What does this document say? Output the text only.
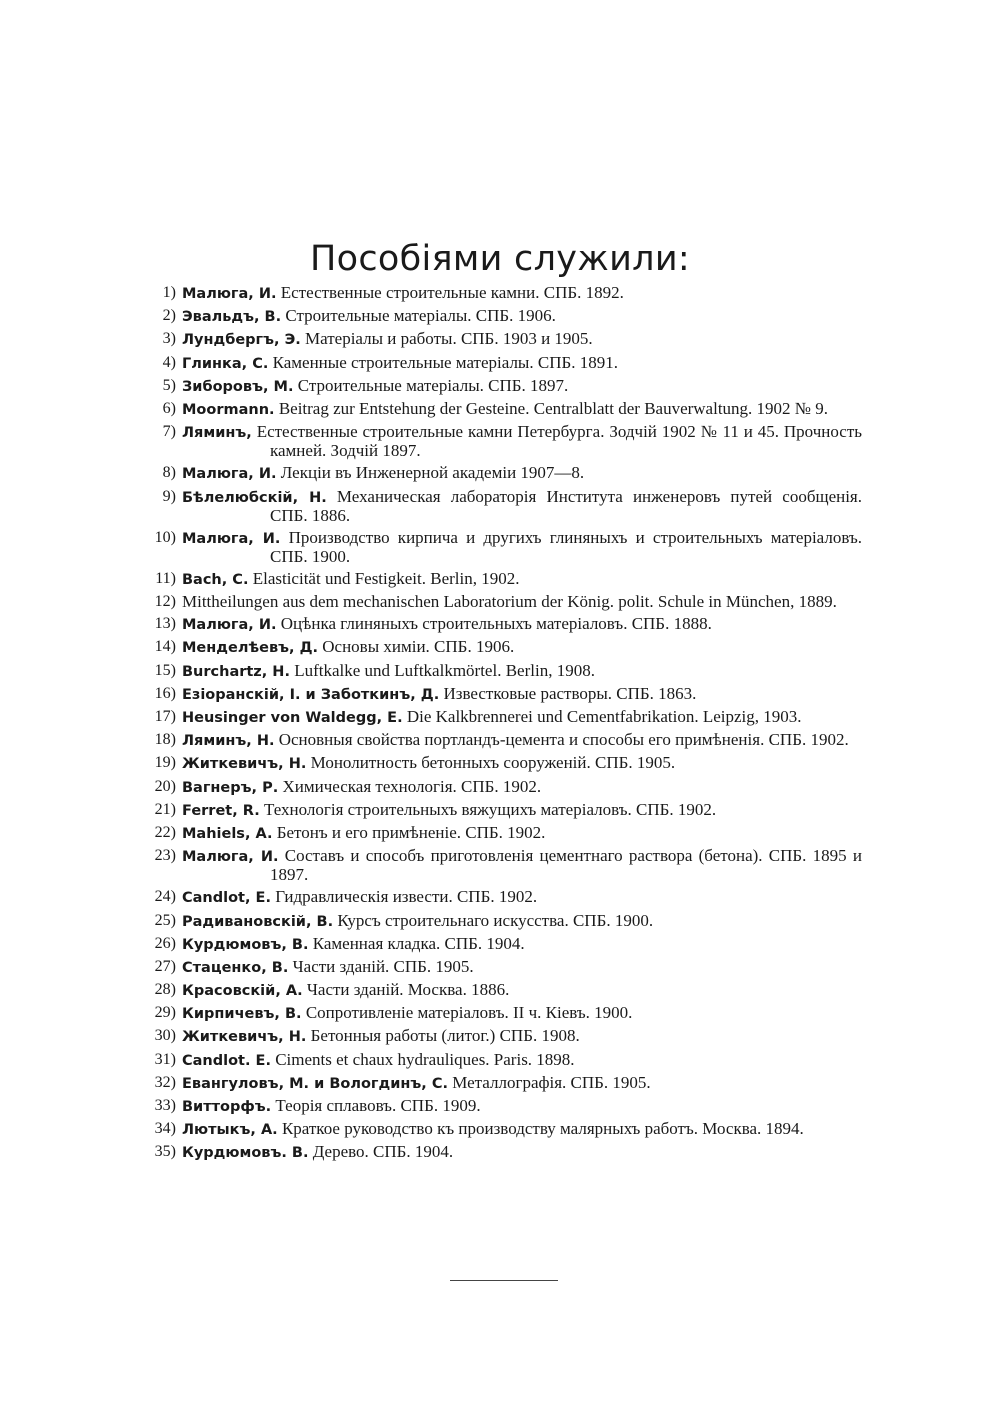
Пособіями служили:
1) Малюга, И. Естественные строительные камни. СПБ. 1892.
2) Эвальдъ, В. Строительные матеріалы. СПБ. 1906.
3) Лундбергъ, Э. Матеріалы и работы. СПБ. 1903 и 1905.
4) Глинка, С. Каменные строительные матеріалы. СПБ. 1891.
5) Зиборовъ, М. Строительные матеріалы. СПБ. 1897.
6) Moormann. Beitrag zur Entstehung der Gesteine. Centralblatt der Bauverwaltung. 1902 № 9.
7) Ляминъ, Естественные строительные камни Петербурга. Зодчій 1902 № 11 и 45. Прочность камней. Зодчій 1897.
8) Малюга, И. Лекціи въ Инженерной академіи 1907—8.
9) Бѣлелюбскій, Н. Механическая лабораторія Института инженеровъ путей сообщенія. СПБ. 1886.
10) Малюга, И. Производство кирпича и другихъ глиняныхъ и строительныхъ матеріаловъ. СПБ. 1900.
11) Bach, C. Elasticität und Festigkeit. Berlin, 1902.
12) Mittheilungen aus dem mechanischen Laboratorium der König. polit. Schule in München, 1889.
13) Малюга, И. Оцѣнка глиняныхъ строительныхъ матеріаловъ. СПБ. 1888.
14) Менделѣевъ, Д. Основы химіи. СПБ. 1906.
15) Burchartz, H. Luftkalke und Luftkalkmörtel. Berlin, 1908.
16) Езіоранскій, І. и Заботкинъ, Д. Известковые растворы. СПБ. 1863.
17) Heusinger von Waldegg, E. Die Kalkbrennerei und Cementfabrikation. Leipzig, 1903.
18) Ляминъ, Н. Основныя свойства портландъ-цемента и способы его примѣненія. СПБ. 1902.
19) Житкевичъ, Н. Монолитность бетонныхъ сооруженій. СПБ. 1905.
20) Вагнеръ, Р. Химическая технологія. СПБ. 1902.
21) Ferret, R. Технологія строительныхъ вяжущихъ матеріаловъ. СПБ. 1902.
22) Mahiels, A. Бетонъ и его примѣненіе. СПБ. 1902.
23) Малюга, И. Составъ и способъ приготовленія цементнаго раствора (бетона). СПБ. 1895 и 1897.
24) Candlot, E. Гидравлическія извести. СПБ. 1902.
25) Радивановскій, В. Курсъ строительнаго искусства. СПБ. 1900.
26) Курдюмовъ, В. Каменная кладка. СПБ. 1904.
27) Стаценко, В. Части зданій. СПБ. 1905.
28) Красовскій, А. Части зданій. Москва. 1886.
29) Кирпичевъ, В. Сопротивленіе матеріаловъ. II ч. Кіевъ. 1900.
30) Житкевичъ, Н. Бетонныя работы (литог.) СПБ. 1908.
31) Candlot. E. Ciments et chaux hydrauliques. Paris. 1898.
32) Евангуловъ, М. и Вологдинъ, С. Металлографія. СПБ. 1905.
33) Витторфъ. Теорія сплавовъ. СПБ. 1909.
34) Лютыкъ, А. Краткое руководство къ производству малярныхъ работъ. Москва. 1894.
35) Курдюмовъ. В. Дерево. СПБ. 1904.
